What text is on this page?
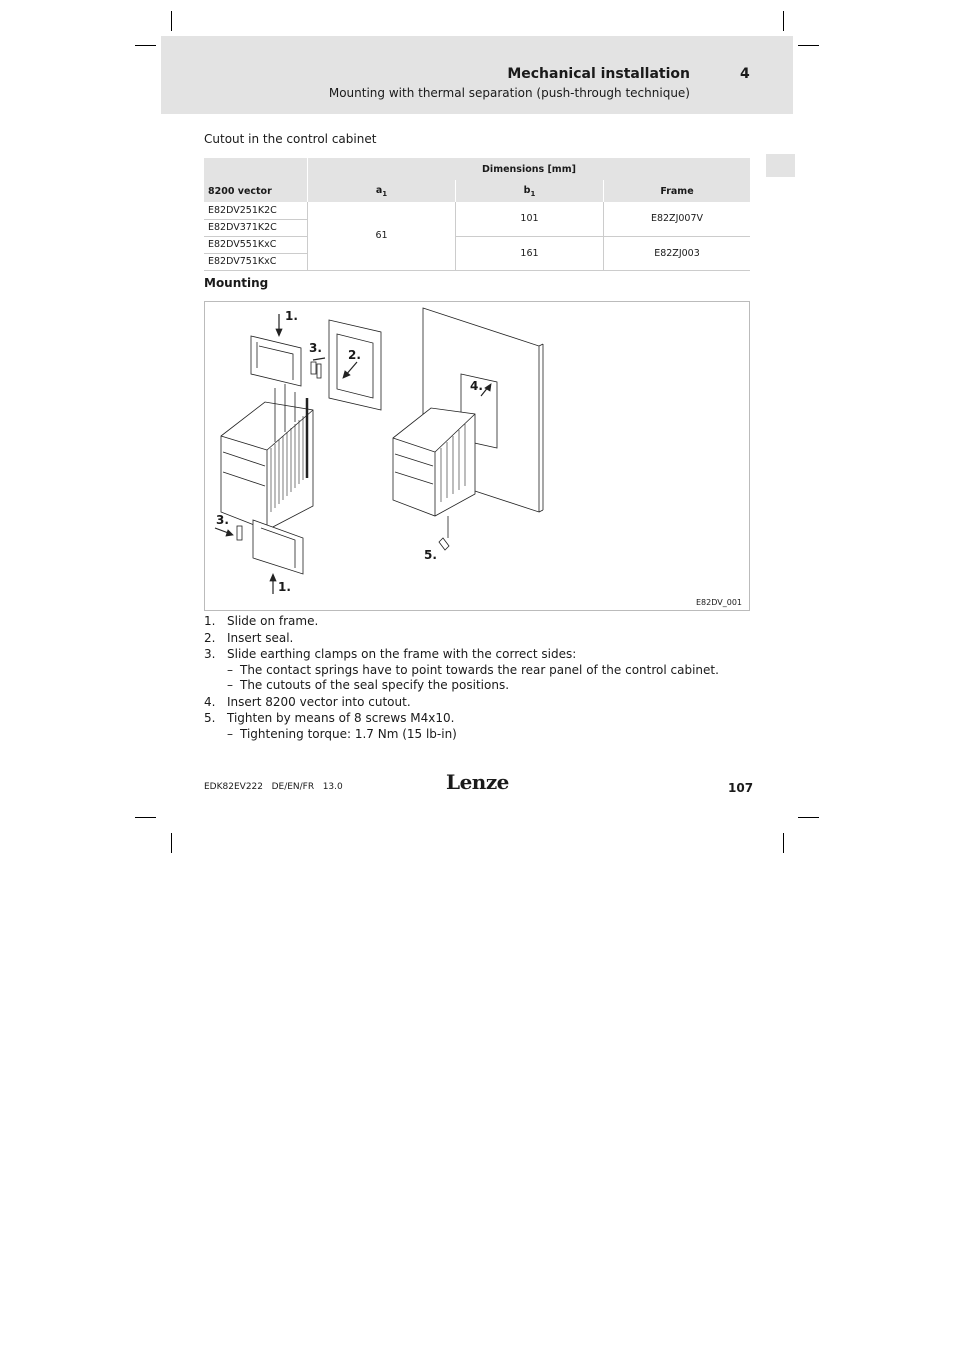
Mechanical installation	4
Mounting with thermal separation (push-through technique)
Cutout in the control cabinet
	Dimensions [mm]		
8200 vector	$a_1$	$b_1$	Frame
E82DV251K2C	61	101	E82ZJ007V
E82DV371K2C			
E82DV551KxC		161	E82ZJ003
E82DV751KxC			
Mounting
1.
3. 2.
4.
3.
5.
1.
E82DV_001
1. Slide on frame.
2. Insert seal.
3. Slide earthing clamps on the frame with the correct sides:
– The contact springs have to point towards the rear panel of the control cabinet.
– The cutouts of the seal specify the positions.
4. Insert 8200 vector into cutout.
5. Tighten by means of 8 screws M4x10.
– Tightening torque: 1.7 Nm (15 lb-in)
EDK82EV222   DE/EN/FR   13.0	Lenze	107
